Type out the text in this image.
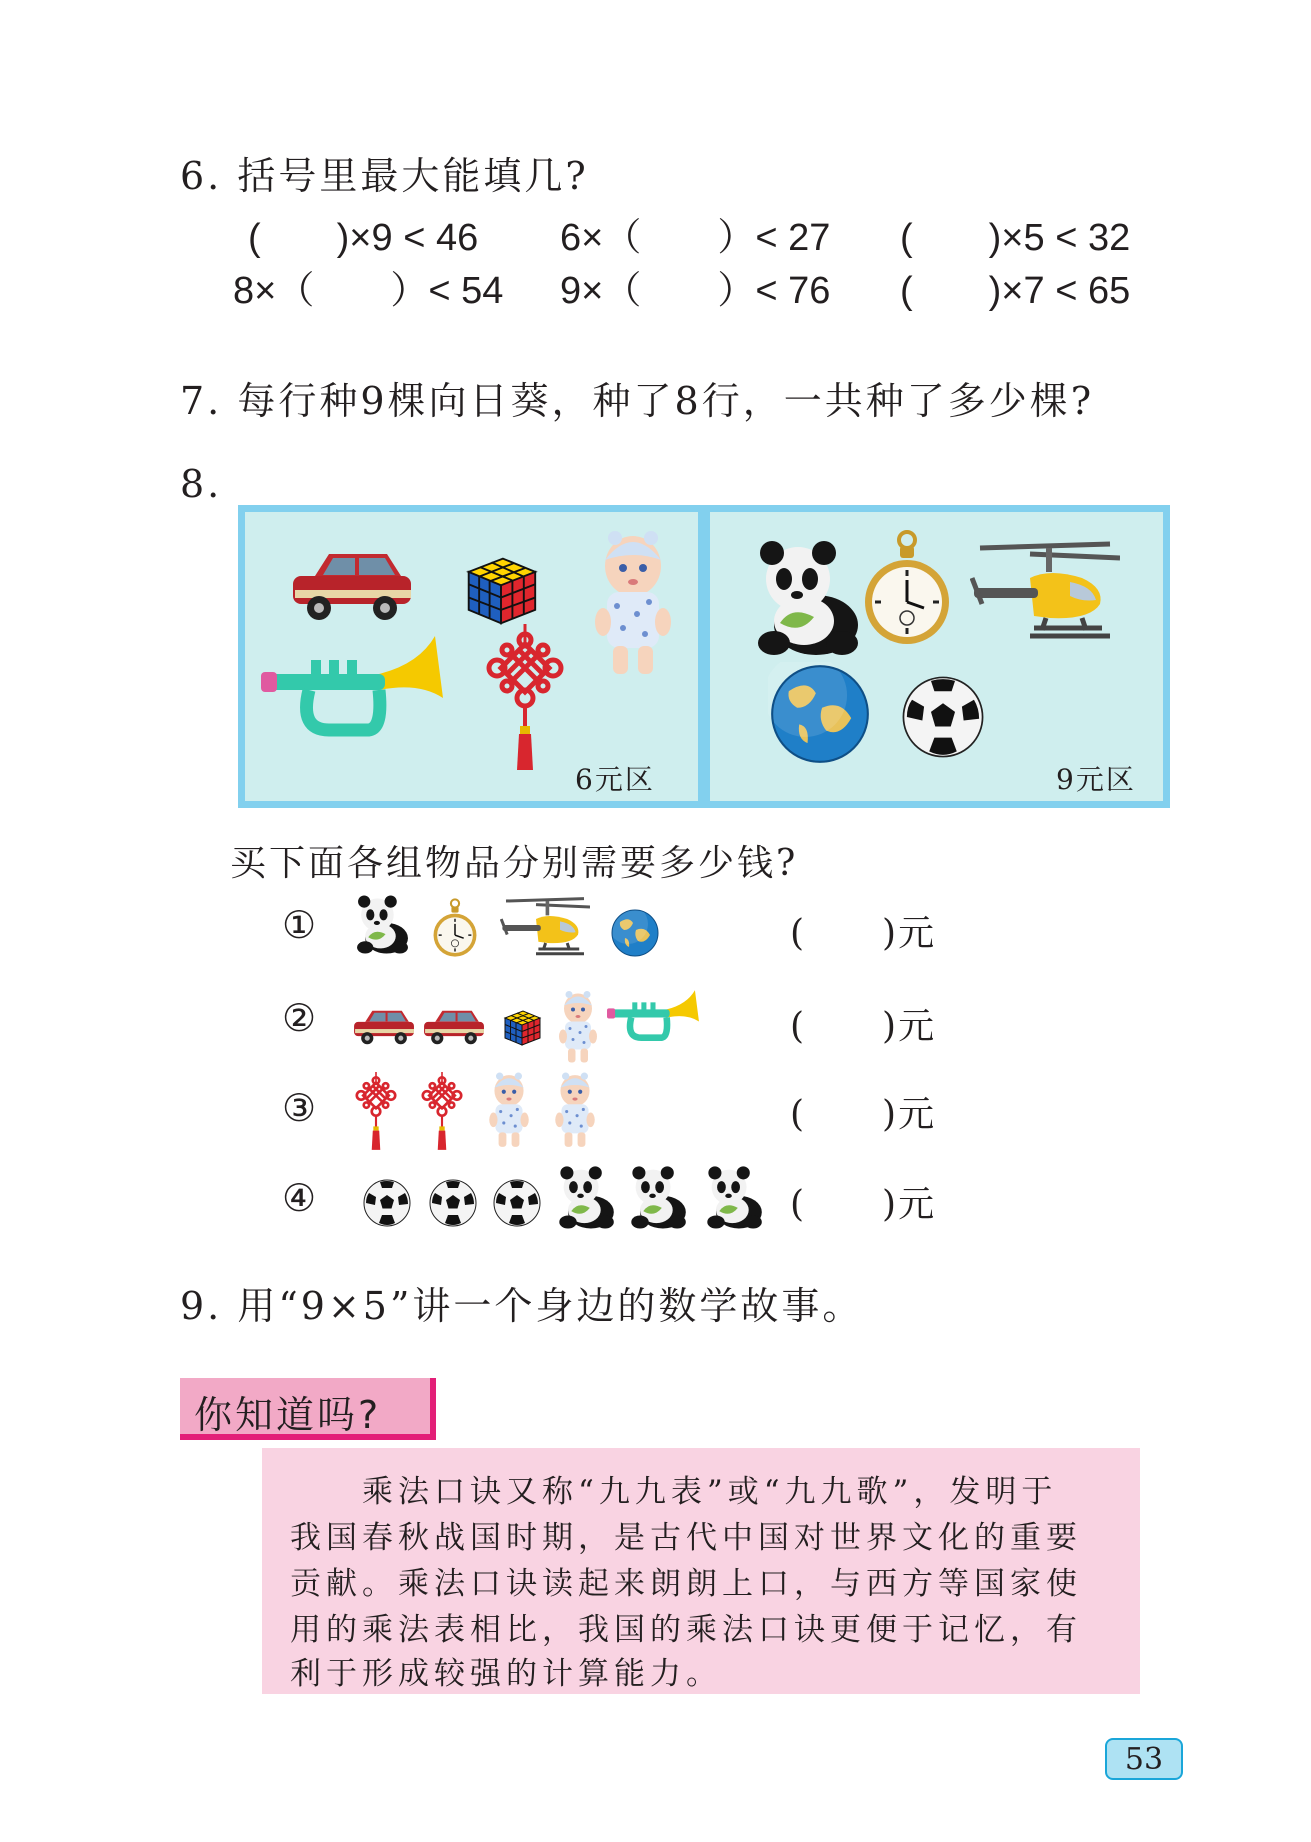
6. 括号里最大能填几?
(　　)×9 < 46 6×（　　）< 27 (　　)×5 < 32
8×（　　）< 54 9×（　　）< 76 (　　)×7 < 65
7. 每行种9棵向日葵，种了8行，一共种了多少棵?
8.
6元区	9元区
买下面各组物品分别需要多少钱?
①	(　　)元
②	(　　)元
③	(　　)元
④	(　　)元
9. 用“9×5”讲一个身边的数学故事。
你知道吗?
乘法口诀又称“九九表”或“九九歌”，发明于
我国春秋战国时期，是古代中国对世界文化的重要
贡献。乘法口诀读起来朗朗上口，与西方等国家使
用的乘法表相比，我国的乘法口诀更便于记忆，有
利于形成较强的计算能力。
53
